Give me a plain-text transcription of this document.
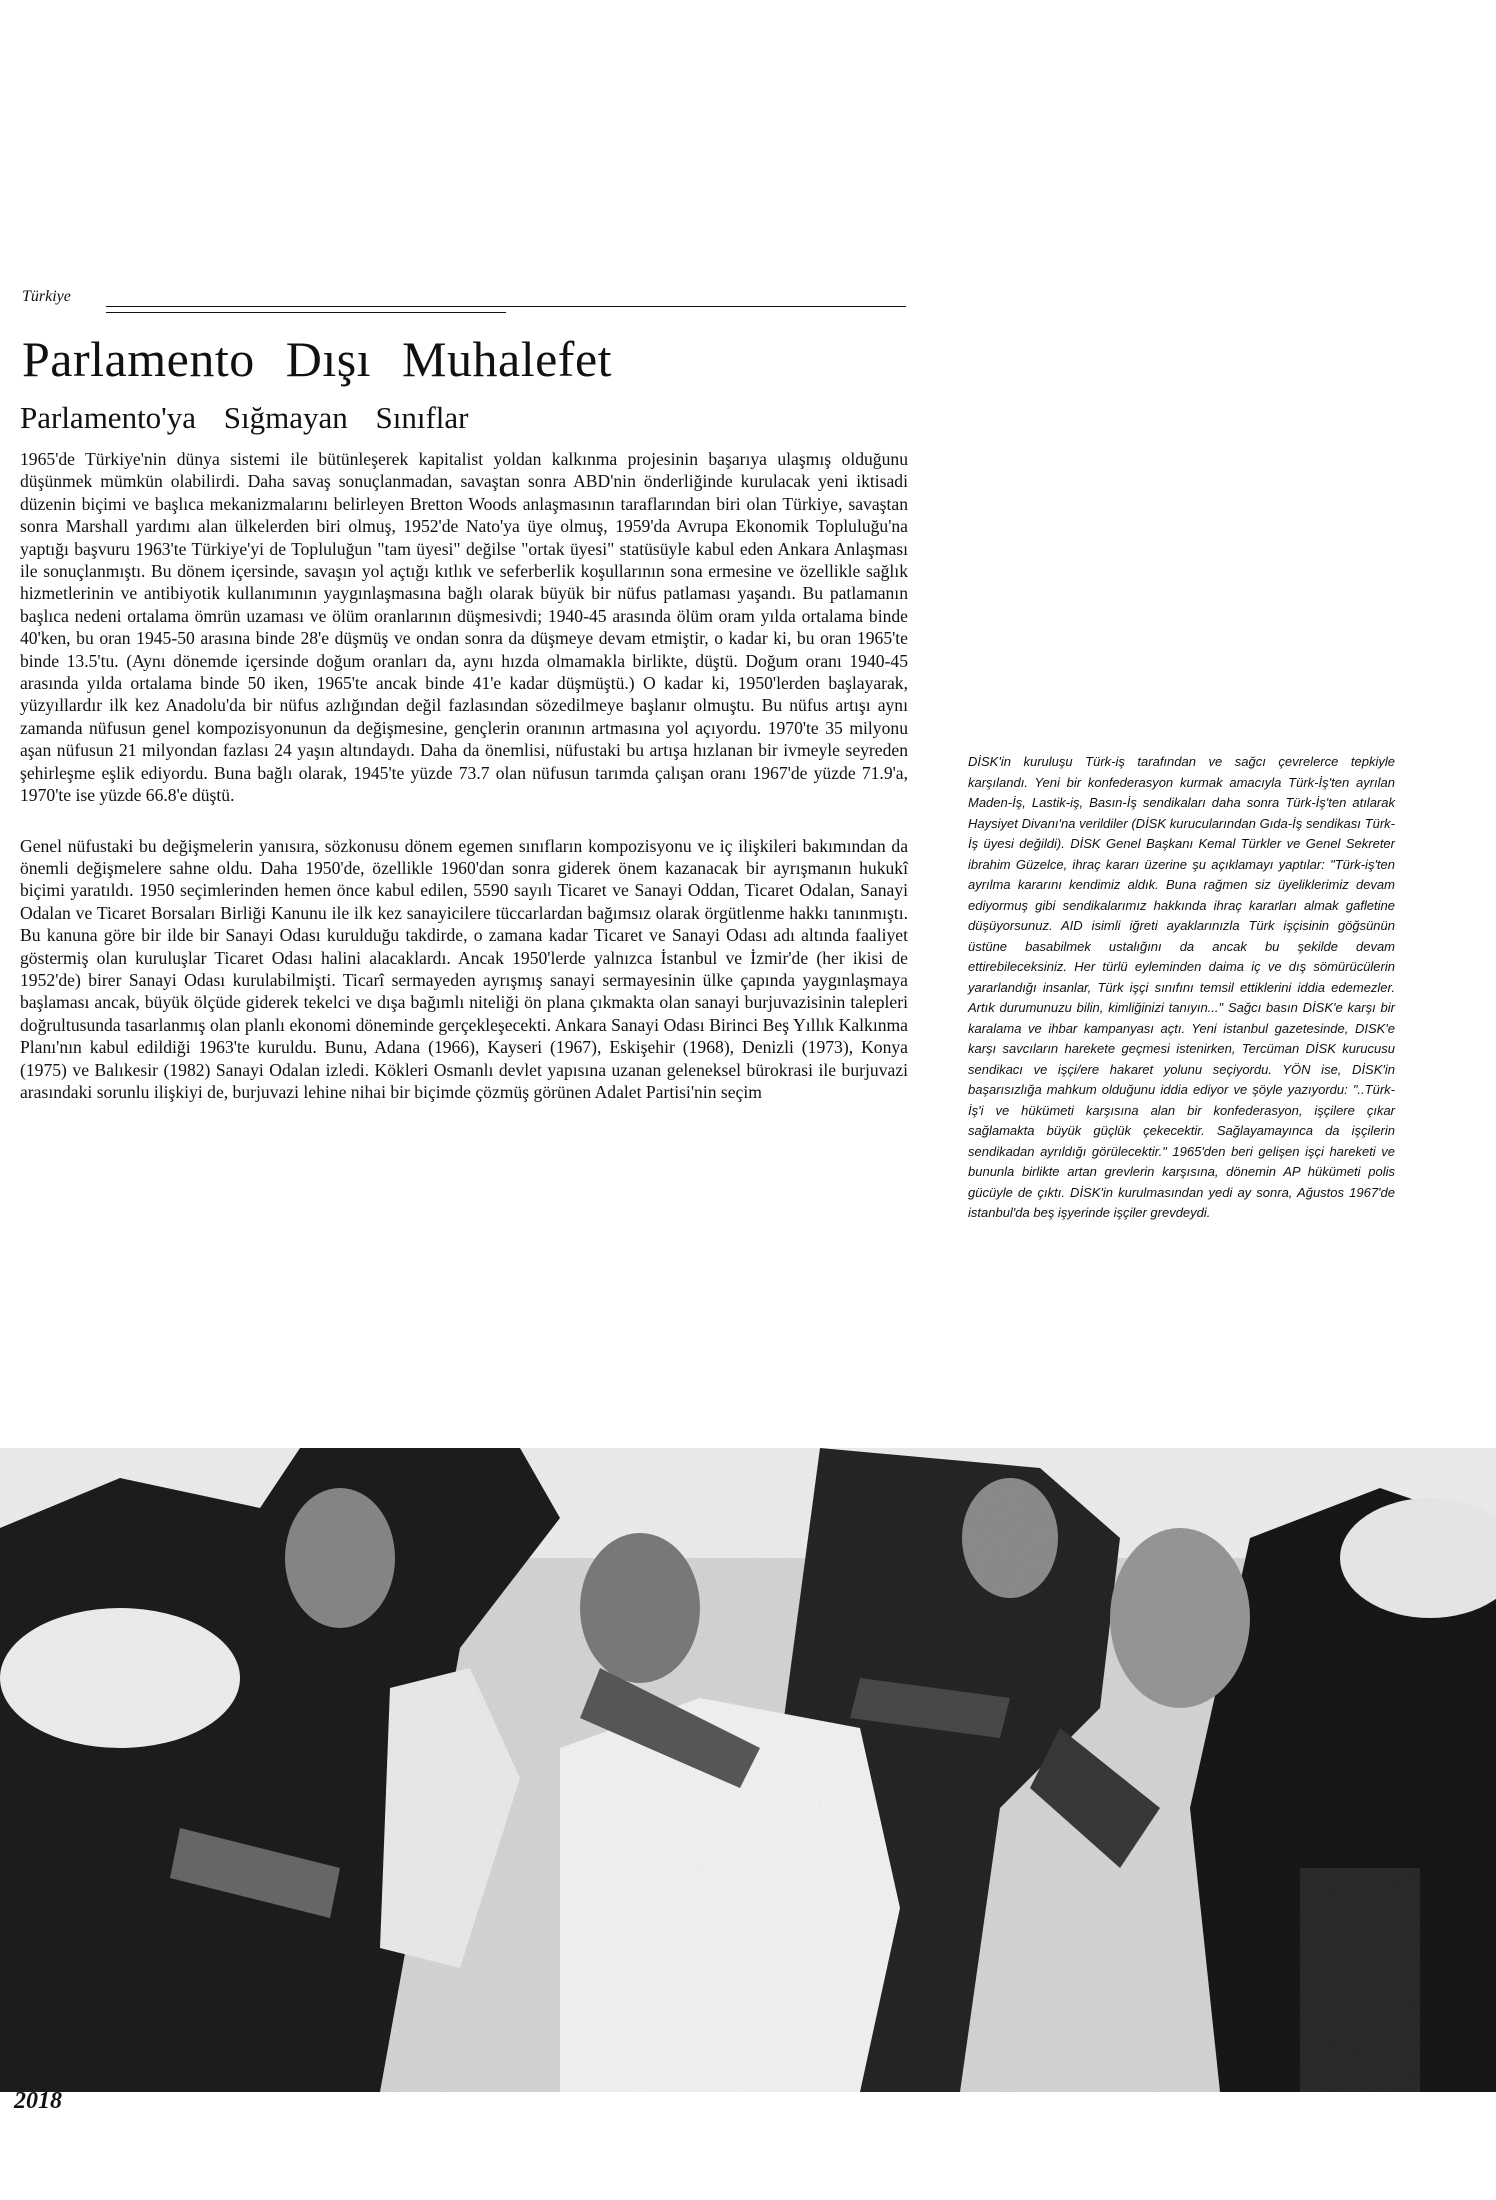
Türkiye
Parlamento Dışı Muhalefet
Parlamento'ya Sığmayan Sınıflar

1965'de Türkiye'nin dünya sistemi ile bütünleşerek kapitalist yoldan kalkınma projesinin başarıya ulaşmış olduğunu düşünmek mümkün olabilirdi. Daha savaş sonuçlanmadan, savaştan sonra ABD'nin önderliğinde kurulacak yeni iktisadi düzenin biçimi ve başlıca mekanizmalarını belirleyen Bretton Woods anlaşmasının taraflarından biri olan Türkiye, savaştan sonra Marshall yardımı alan ülkelerden biri olmuş, 1952'de Nato'ya üye olmuş, 1959'da Avrupa Ekonomik Topluluğu'na yaptığı başvuru 1963'te Türkiye'yi de Topluluğun "tam üyesi" değilse "ortak üyesi" statüsüyle kabul eden Ankara Anlaşması ile sonuçlanmıştı. Bu dönem içersinde, savaşın yol açtığı kıtlık ve seferberlik koşullarının sona ermesine ve özellikle sağlık hizmetlerinin ve antibiyotik kullanımının yaygınlaşmasına bağlı olarak büyük bir nüfus patlaması yaşandı. Bu patlamanın başlıca nedeni ortalama ömrün uzaması ve ölüm oranlarının düşmesivdi; 1940-45 arasında ölüm oram yılda ortalama binde 40'ken, bu oran 1945-50 arasına binde 28'e düşmüş ve ondan sonra da düşmeye devam etmiştir, o kadar ki, bu oran 1965'te binde 13.5'tu. (Aynı dönemde içersinde doğum oranları da, aynı hızda olmamakla birlikte, düştü. Doğum oranı 1940-45 arasında yılda ortalama binde 50 iken, 1965'te ancak binde 41'e kadar düşmüştü.) O kadar ki, 1950'lerden başlayarak, yüzyıllardır ilk kez Anadolu'da bir nüfus azlığından değil fazlasından sözedilmeye başlanır olmuştu. Bu nüfus artışı aynı zamanda nüfusun genel kompozisyonunun da değişmesine, gençlerin oranının artmasına yol açıyordu. 1970'te 35 milyonu aşan nüfusun 21 milyondan fazlası 24 yaşın altındaydı. Daha da önemlisi, nüfustaki bu artışa hızlanan bir ivmeyle seyreden şehirleşme eşlik ediyordu. Buna bağlı olarak, 1945'te yüzde 73.7 olan nüfusun tarımda çalışan oranı 1967'de yüzde 71.9'a, 1970'te ise yüzde 66.8'e düştü.

Genel nüfustaki bu değişmelerin yanısıra, sözkonusu dönem egemen sınıfların kompozisyonu ve iç ilişkileri bakımından da önemli değişmelere sahne oldu. Daha 1950'de, özellikle 1960'dan sonra giderek önem kazanacak bir ayrışmanın hukukî biçimi yaratıldı. 1950 seçimlerinden hemen önce kabul edilen, 5590 sayılı Ticaret ve Sanayi Oddan, Ticaret Odalan, Sanayi Odalan ve Ticaret Borsaları Birliği Kanunu ile ilk kez sanayicilere tüccarlardan bağımsız olarak örgütlenme hakkı tanınmıştı. Bu kanuna göre bir ilde bir Sanayi Odası kurulduğu takdirde, o zamana kadar Ticaret ve Sanayi Odası adı altında faaliyet göstermiş olan kuruluşlar Ticaret Odası halini alacaklardı. Ancak 1950'lerde yalnızca İstanbul ve İzmir'de (her ikisi de 1952'de) birer Sanayi Odası kurulabilmişti. Ticarî sermayeden ayrışmış sanayi sermayesinin ülke çapında yaygınlaşmaya başlaması ancak, büyük ölçüde giderek tekelci ve dışa bağımlı niteliği ön plana çıkmakta olan sanayi burjuvazisinin talepleri doğrultusunda tasarlanmış olan planlı ekonomi döneminde gerçekleşecekti. Ankara Sanayi Odası Birinci Beş Yıllık Kalkınma Planı'nın kabul edildiği 1963'te kuruldu. Bunu, Adana (1966), Kayseri (1967), Eskişehir (1968), Denizli (1973), Konya (1975) ve Balıkesir (1982) Sanayi Odalan izledi. Kökleri Osmanlı devlet yapısına uzanan geleneksel bürokrasi ile burjuvazi arasındaki sorunlu ilişkiyi de, burjuvazi lehine nihai bir biçimde çözmüş görünen Adalet Partisi'nin seçim

DİSK'in kuruluşu Türk-iş tarafından ve sağcı çevrelerce tepkiyle karşılandı. Yeni bir konfederasyon kurmak amacıyla Türk-İş'ten ayrılan Maden-İş, Lastik-iş, Basın-İş sendikaları daha sonra Türk-İş'ten atılarak Haysiyet Divanı'na verildiler (DİSK kurucularından Gıda-İş sendikası Türk-İş üyesi değildi). DİSK Genel Başkanı Kemal Türkler ve Genel Sekreter ibrahim Güzelce, ihraç kararı üzerine şu açıklamayı yaptılar: "Türk-iş'ten ayrılma kararını kendimiz aldık. Buna rağmen siz üyeliklerimiz devam ediyormuş gibi sendikalarımız hakkında ihraç kararları almak gafletine düşüyorsunuz. AID isimli iğreti ayaklarınızla Türk işçisinin göğsünün üstüne basabilmek ustalığını da ancak bu şekilde devam ettirebileceksiniz. Her türlü eyleminden daima iç ve dış sömürücülerin yararlandığı insanlar, Türk işçi sınıfını temsil ettiklerini iddia edemezler. Artık durumunuzu bilin, kimliğinizi tanıyın..." Sağcı basın DİSK'e karşı bir karalama ve ihbar kampanyası açtı. Yeni istanbul gazetesinde, DISK'e karşı savcıların harekete geçmesi istenirken, Tercüman DİSK kurucusu sendikacı ve işçi/ere hakaret yolunu seçiyordu. YÖN ise, DİSK'in başarısızlığa mahkum olduğunu iddia ediyor ve şöyle yazıyordu: "..Türk-İş'i ve hükümeti karşısına alan bir konfederasyon, işçilere çıkar sağlamakta büyük güçlük çekecektir. Sağlayamayınca da işçilerin sendikadan ayrıldığı görülecektir." 1965'den beri gelişen işçi hareketi ve bununla birlikte artan grevlerin karşısına, dönemin AP hükümeti polis gücüyle de çıktı. DİSK'in kurulmasından yedi ay sonra, Ağustos 1967'de istanbul'da beş işyerinde işçiler grevdeydi.
2018
